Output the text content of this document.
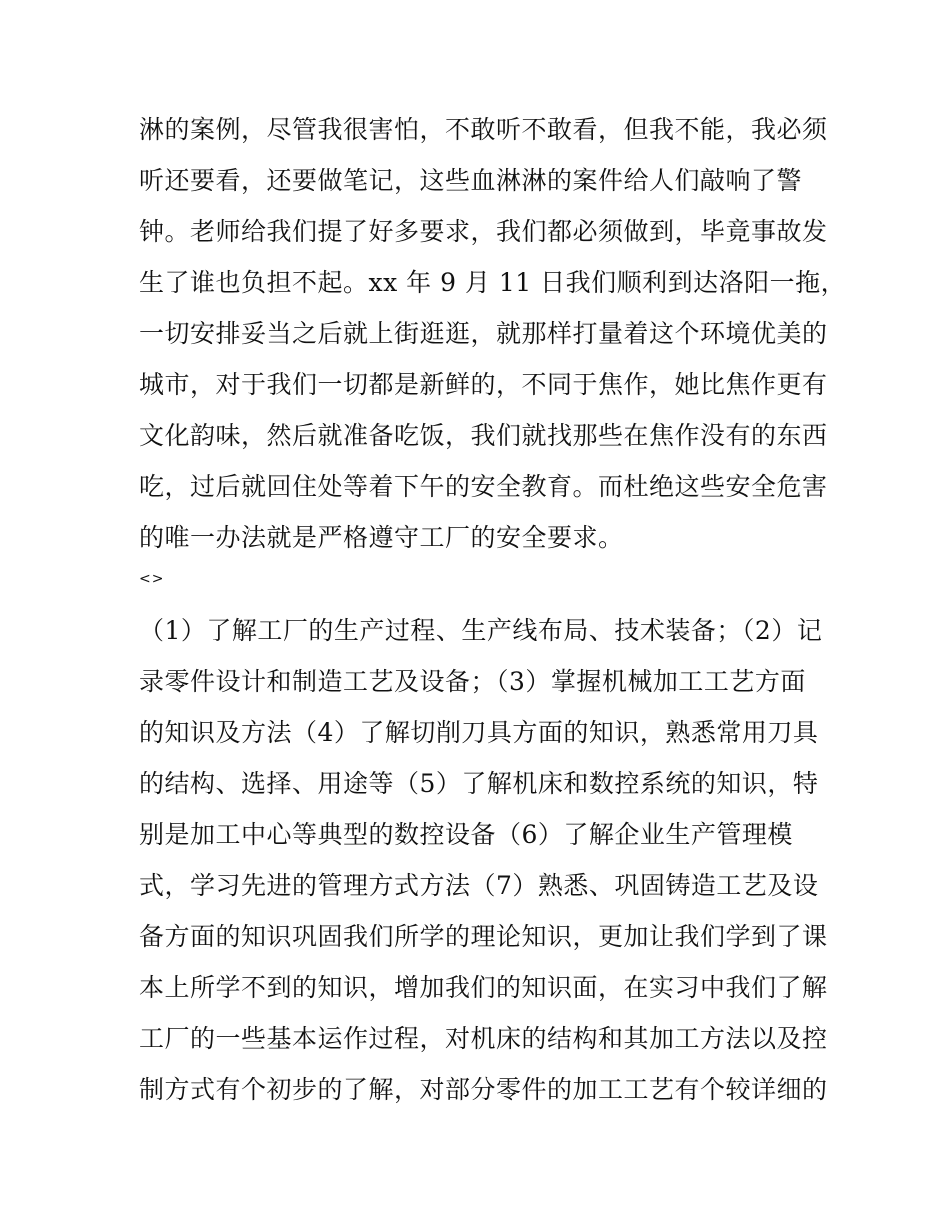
淋的案例，尽管我很害怕，不敢听不敢看，但我不能，我必须
听还要看，还要做笔记，这些血淋淋的案件给人们敲响了警
钟。老师给我们提了好多要求，我们都必须做到，毕竟事故发
生了谁也负担不起。xx 年 9 月 11 日我们顺利到达洛阳一拖，
一切安排妥当之后就上街逛逛，就那样打量着这个环境优美的
城市，对于我们一切都是新鲜的，不同于焦作，她比焦作更有
文化韵味，然后就准备吃饭，我们就找那些在焦作没有的东西
吃，过后就回住处等着下午的安全教育。而杜绝这些安全危害
的唯一办法就是严格遵守工厂的安全要求。
<>
（1）了解工厂的生产过程、生产线布局、技术装备；（2）记
录零件设计和制造工艺及设备；（3）掌握机械加工工艺方面
的知识及方法（4）了解切削刀具方面的知识，熟悉常用刀具
的结构、选择、用途等（5）了解机床和数控系统的知识，特
别是加工中心等典型的数控设备（6）了解企业生产管理模
式，学习先进的管理方式方法（7）熟悉、巩固铸造工艺及设
备方面的知识巩固我们所学的理论知识，更加让我们学到了课
本上所学不到的知识，增加我们的知识面，在实习中我们了解
工厂的一些基本运作过程，对机床的结构和其加工方法以及控
制方式有个初步的了解，对部分零件的加工工艺有个较详细的
